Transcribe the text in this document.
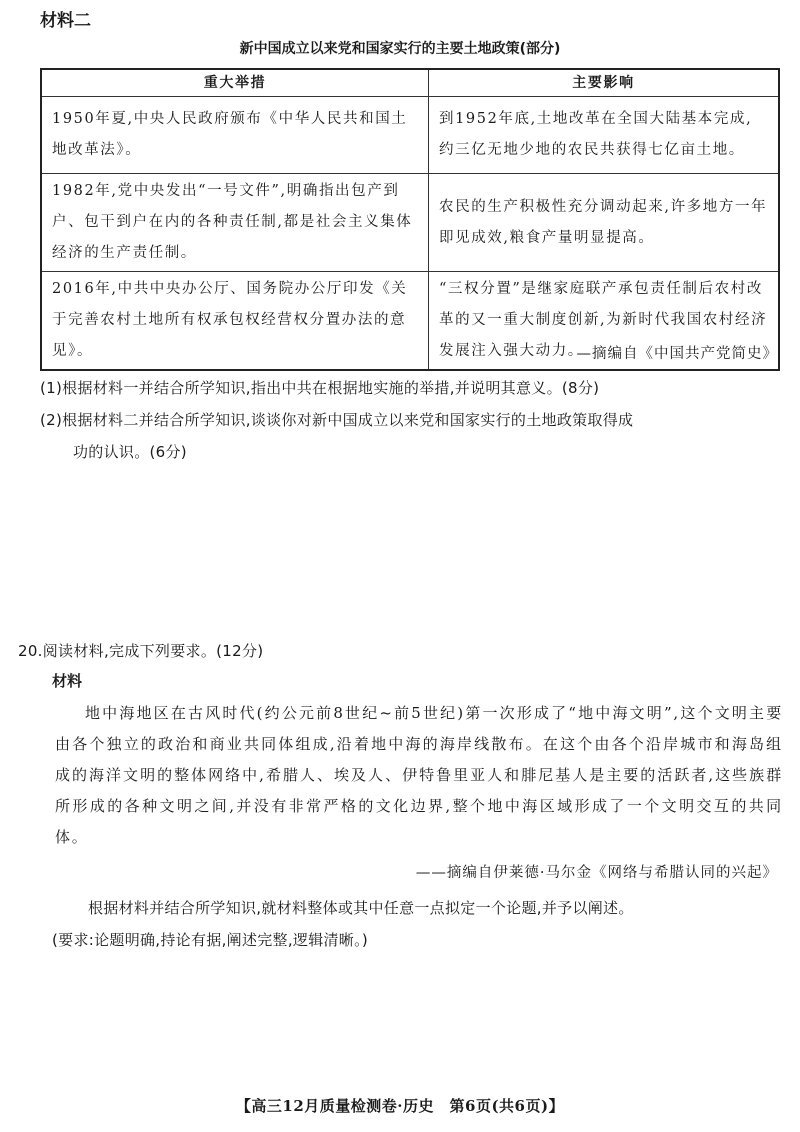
材料二
新中国成立以来党和国家实行的主要土地政策(部分)
重大举措	主要影响
1950年夏,中央人民政府颁布《中华人民共和国土地改革法》。	到1952年底,土地改革在全国大陆基本完成,约三亿无地少地的农民共获得七亿亩土地。
1982年,党中央发出“一号文件”,明确指出包产到户、包干到户在内的各种责任制,都是社会主义集体经济的生产责任制。	农民的生产积极性充分调动起来,许多地方一年即见成效,粮食产量明显提高。
2016年,中共中央办公厅、国务院办公厅印发《关于完善农村土地所有权承包权经营权分置办法的意见》。	“三权分置”是继家庭联产承包责任制后农村改革的又一重大制度创新,为新时代我国农村经济发展注入强大动力。
—摘编自《中国共产党简史》
(1)根据材料一并结合所学知识,指出中共在根据地实施的举措,并说明其意义。(8分)
(2)根据材料二并结合所学知识,谈谈你对新中国成立以来党和国家实行的土地政策取得成
功的认识。(6分)
20.阅读材料,完成下列要求。(12分)
材料
地中海地区在古风时代(约公元前8世纪~前5世纪)第一次形成了“地中海文明”,这个文明主要由各个独立的政治和商业共同体组成,沿着地中海的海岸线散布。在这个由各个沿岸城市和海岛组成的海洋文明的整体网络中,希腊人、埃及人、伊特鲁里亚人和腓尼基人是主要的活跃者,这些族群所形成的各种文明之间,并没有非常严格的文化边界,整个地中海区域形成了一个文明交互的共同体。
——摘编自伊莱德·马尔金《网络与希腊认同的兴起》
根据材料并结合所学知识,就材料整体或其中任意一点拟定一个论题,并予以阐述。
(要求:论题明确,持论有据,阐述完整,逻辑清晰。)
【高三12月质量检测卷·历史　第6页(共6页)】
